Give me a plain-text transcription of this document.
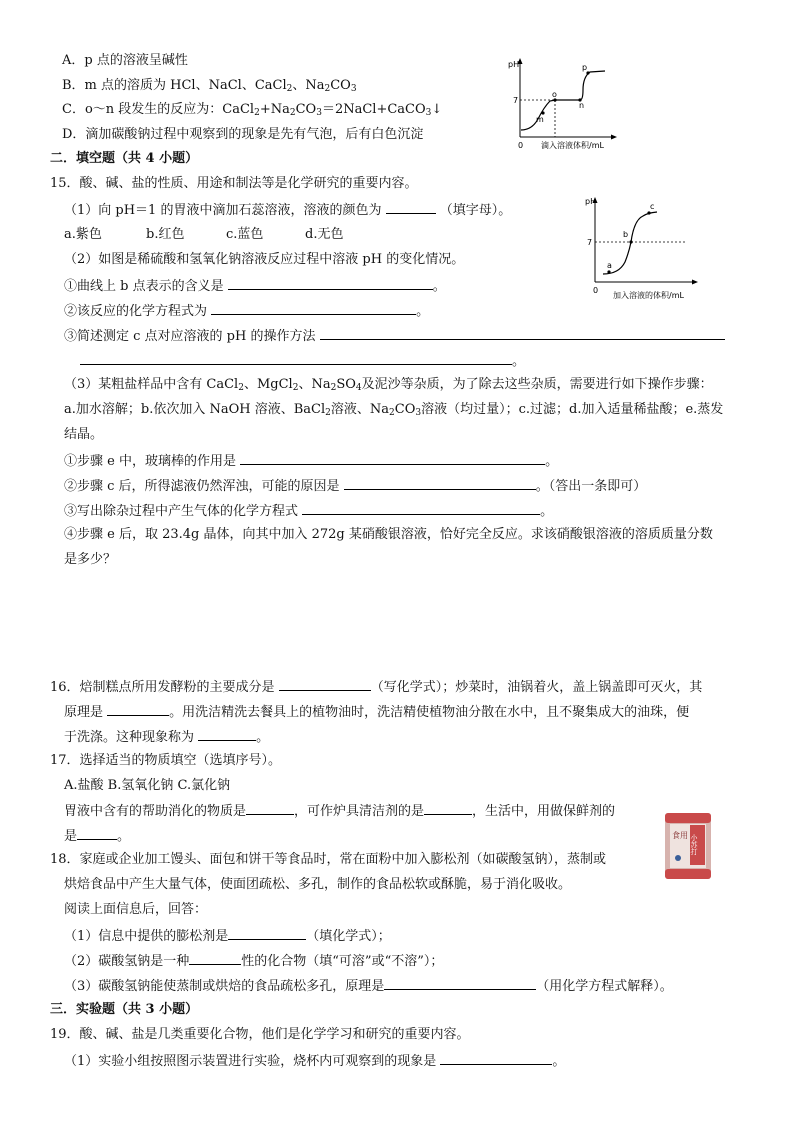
A．p 点的溶液呈碱性
B．m 点的溶质为 HCl、NaCl、CaCl$_2$、$Na_2CO_3$
C．o～n 段发生的反应为：$CaCl_2+Na_2CO_3=2NaCl+CaCO_3↓$
D．滴加碳酸钠过程中观察到的现象是先有气泡，后有白色沉淀
pH
7
0 滴入溶液体积/mL
p
o
m
n
二．填空题（共 4 小题）
15．酸、碱、盐的性质、用途和制法等是化学研究的重要内容。
（1）向 pH＝1 的胃液中滴加石蕊溶液，溶液的颜色为	（填字母）。
a.紫色	b.红色	c.蓝色	d.无色
（2）如图是稀硫酸和氢氧化钠溶液反应过程中溶液 pH 的变化情况。
①曲线上 b 点表示的含义是	。
②该反应的化学方程式为	。
③简述测定 c 点对应溶液的 pH 的操作方法
。
pH
7
0
加入溶液的体积/mL
a
b
c
（3）某粗盐样品中含有 CaCl$_2$、MgCl$_2$、$Na_2SO_4$及泥沙等杂质，为了除去这些杂质，需要进行如下操作步骤：
a.加水溶解；b.依次加入 NaOH 溶液、BaCl$_2$溶液、$Na_2CO_3$溶液（均过量）；c.过滤；d.加入适量稀盐酸；e.蒸发
结晶。
①步骤 e 中，玻璃棒的作用是	。
②步骤 c 后，所得滤液仍然浑浊，可能的原因是	。（答出一条即可）
③写出除杂过程中产生气体的化学方程式	。
④步骤 e 后，取 23.4g 晶体，向其中加入 272g 某硝酸银溶液，恰好完全反应。求该硝酸银溶液的溶质质量分数
是多少？
16．焙制糕点所用发酵粉的主要成分是	（写化学式）；炒菜时，油锅着火，盖上锅盖即可灭火，其
原理是	。用洗洁精洗去餐具上的植物油时，洗洁精使植物油分散在水中，且不聚集成大的油珠，便
于洗涤。这种现象称为	。
17．选择适当的物质填空（选填序号）。
A.盐酸 B.氢氧化钠 C.氯化钠
胃液中含有的帮助消化的物质是	，可作炉具清洁剂的是	，生活中，用做保鲜剂的
是	。	食用 小苏打
18．家庭或企业加工馒头、面包和饼干等食品时，常在面粉中加入膨松剂（如碳酸氢钠），蒸制或
烘焙食品中产生大量气体，使面团疏松、多孔，制作的食品松软或酥脆，易于消化吸收。
阅读上面信息后，回答：
（1）信息中提供的膨松剂是	（填化学式）；
（2）碳酸氢钠是一种	性的化合物（填“可溶”或“不溶”）；
（3）碳酸氢钠能使蒸制或烘焙的食品疏松多孔，原理是	（用化学方程式解释）。
三．实验题（共 3 小题）
19．酸、碱、盐是几类重要化合物，他们是化学学习和研究的重要内容。
（1）实验小组按照图示装置进行实验，烧杯内可观察到的现象是	。
